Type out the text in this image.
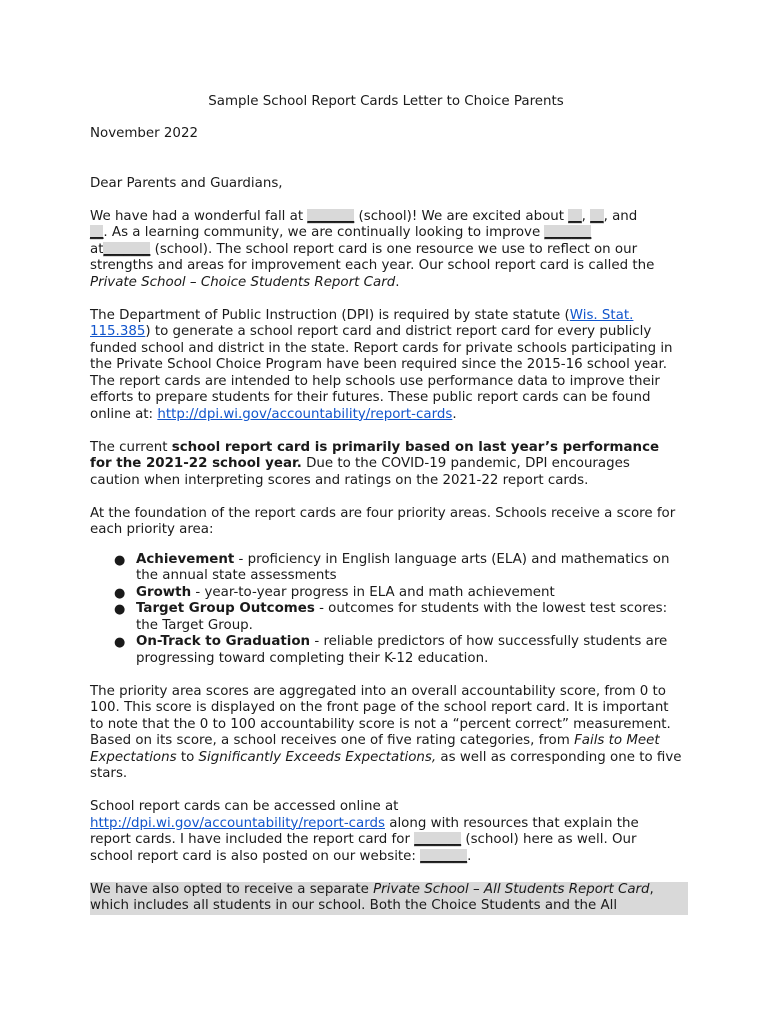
Sample School Report Cards Letter to Choice Parents

November 2022

Dear Parents and Guardians,

We have had a wonderful fall at _______ (school)! We are excited about __, __, and
__. As a learning community, we are continually looking to improve _______
at_______ (school). The school report card is one resource we use to reflect on our strengths and areas for improvement each year. Our school report card is called the Private School – Choice Students Report Card.

The Department of Public Instruction (DPI) is required by state statute (Wis. Stat. 115.385) to generate a school report card and district report card for every publicly funded school and district in the state. Report cards for private schools participating in the Private School Choice Program have been required since the 2015-16 school year. The report cards are intended to help schools use performance data to improve their efforts to prepare students for their futures. These public report cards can be found online at: http://dpi.wi.gov/accountability/report-cards.

The current school report card is primarily based on last year’s performance for the 2021-22 school year. Due to the COVID-19 pandemic, DPI encourages caution when interpreting scores and ratings on the 2021-22 report cards.

At the foundation of the report cards are four priority areas. Schools receive a score for each priority area:

● Achievement - proficiency in English language arts (ELA) and mathematics on the annual state assessments
● Growth - year-to-year progress in ELA and math achievement
● Target Group Outcomes - outcomes for students with the lowest test scores: the Target Group.
● On-Track to Graduation - reliable predictors of how successfully students are progressing toward completing their K-12 education.

The priority area scores are aggregated into an overall accountability score, from 0 to 100. This score is displayed on the front page of the school report card. It is important to note that the 0 to 100 accountability score is not a “percent correct” measurement. Based on its score, a school receives one of five rating categories, from Fails to Meet Expectations to Significantly Exceeds Expectations, as well as corresponding one to five stars.

School report cards can be accessed online at
http://dpi.wi.gov/accountability/report-cards along with resources that explain the report cards. I have included the report card for _______ (school) here as well. Our school report card is also posted on our website: _______.

We have also opted to receive a separate Private School – All Students Report Card, which includes all students in our school. Both the Choice Students and the All
